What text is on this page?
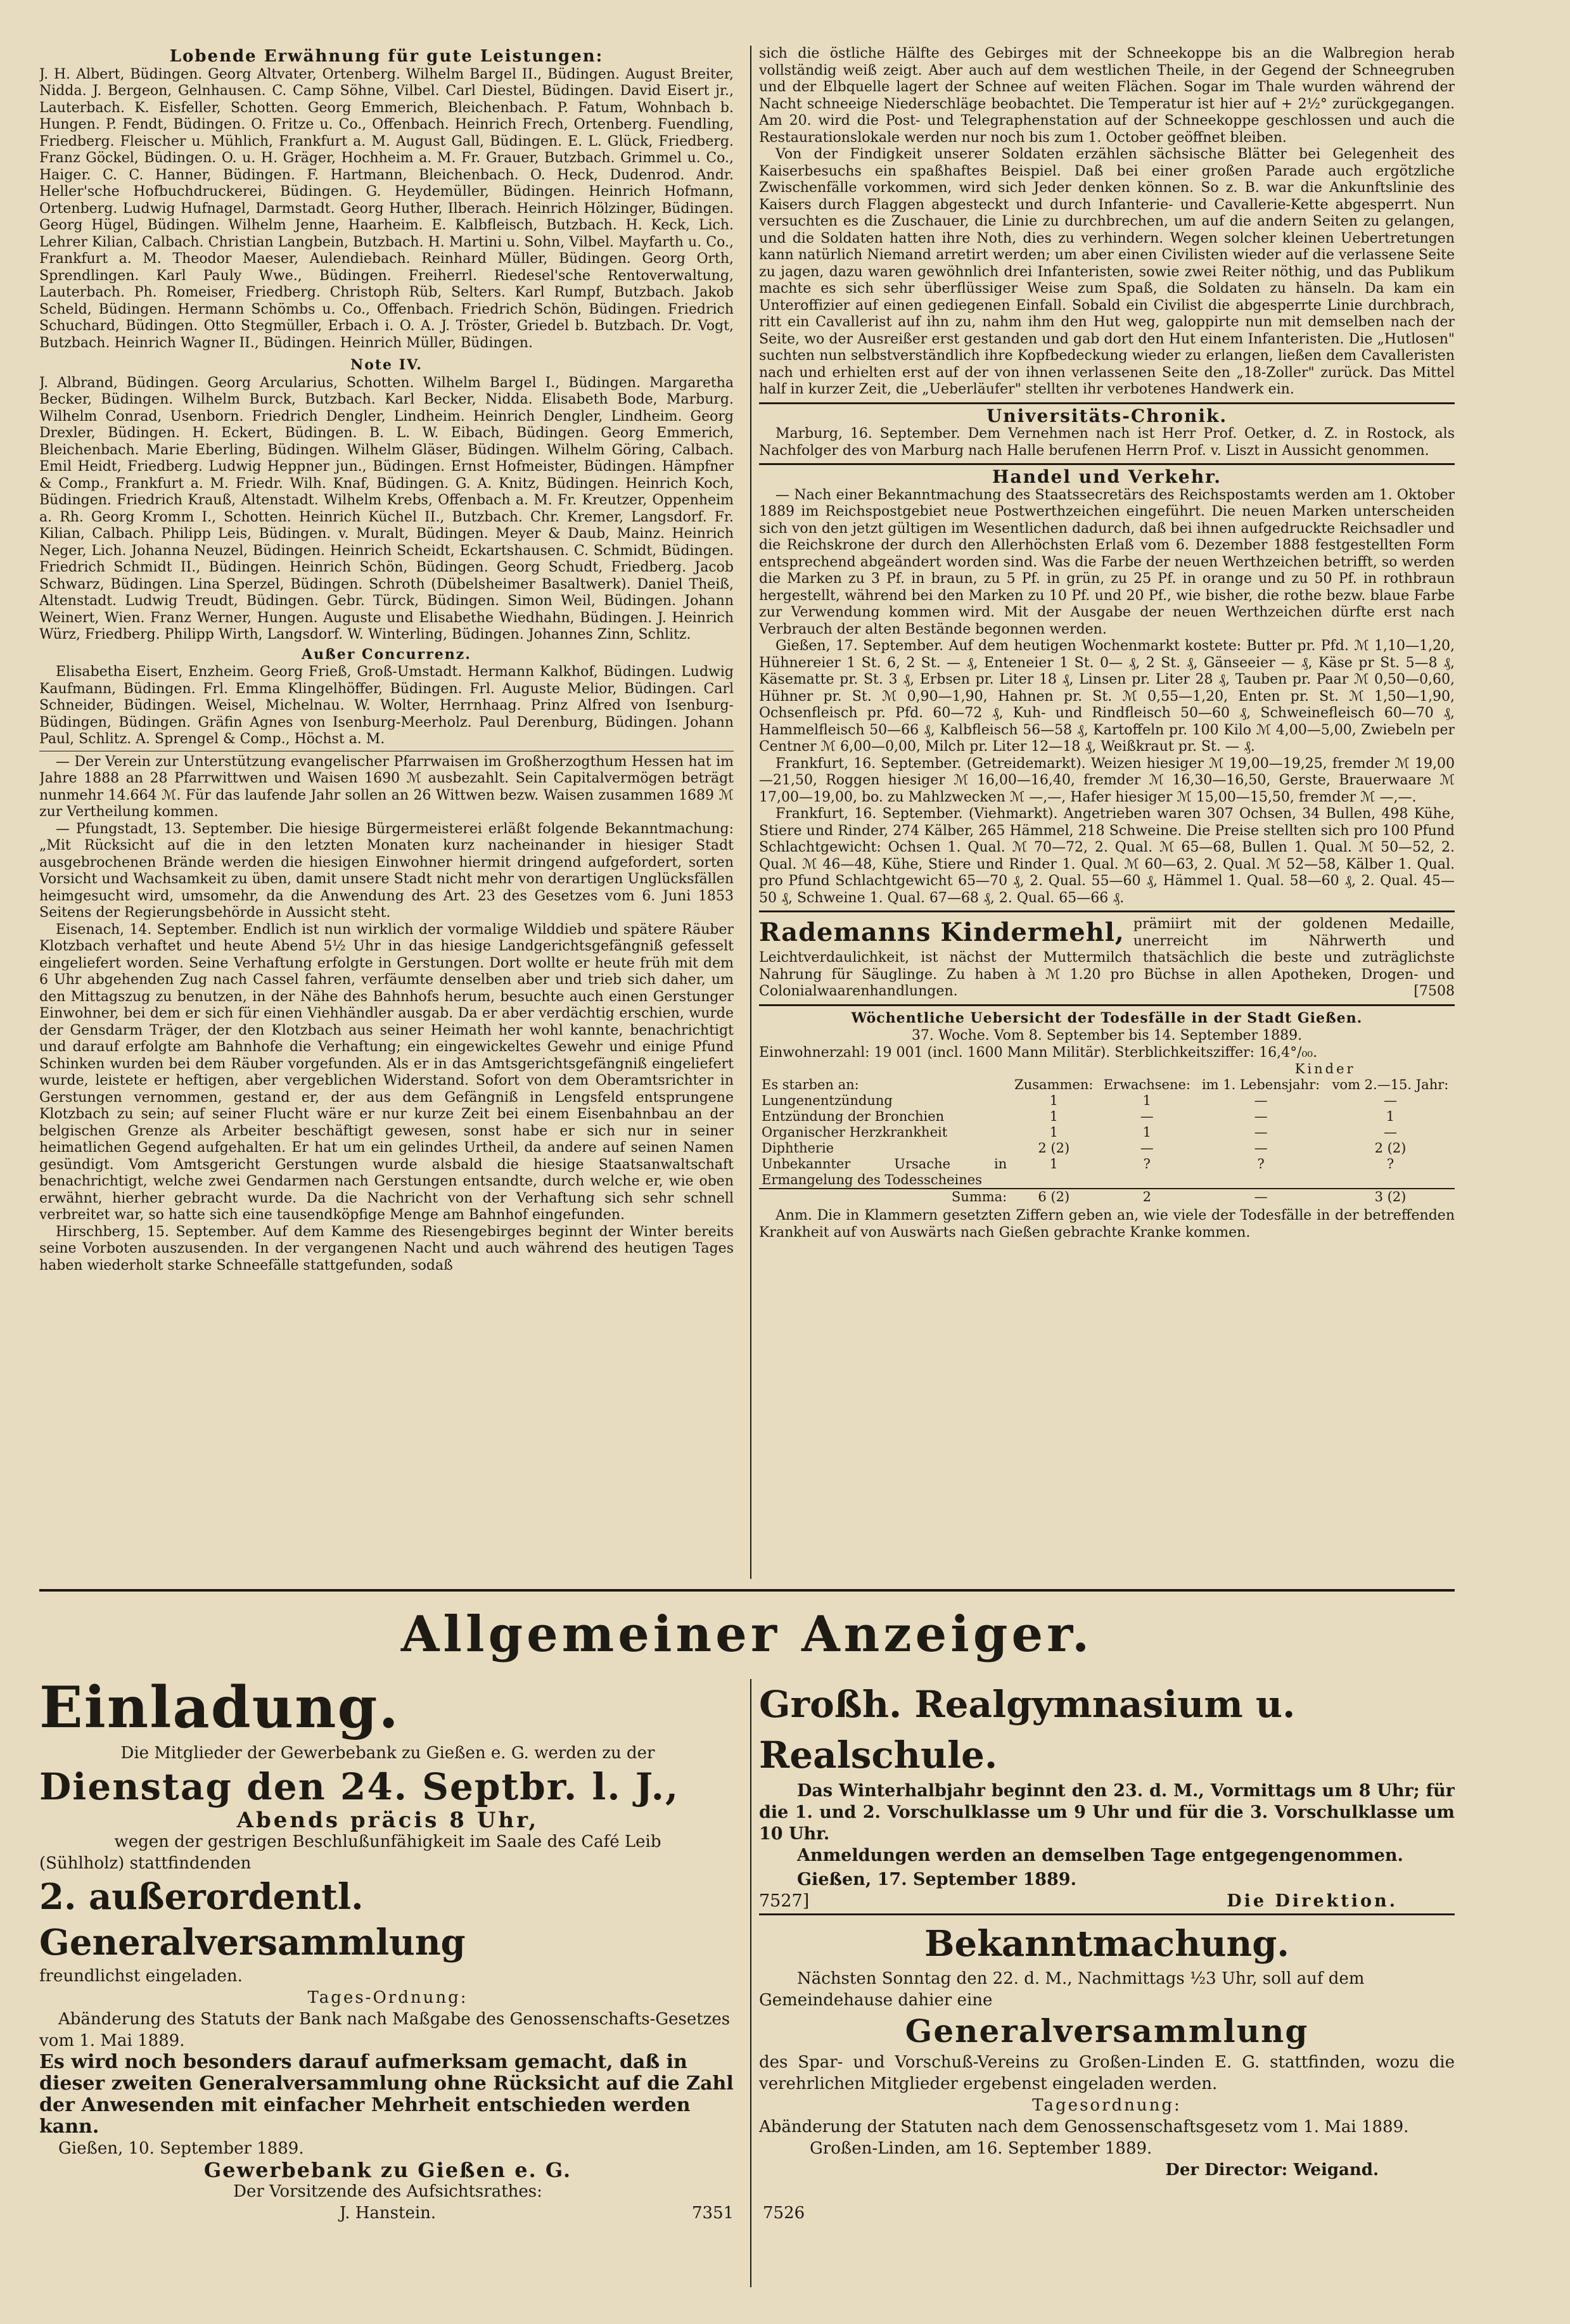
Lobende Erwähnung für gute Leistungen:

J. H. Albert, Büdingen. Georg Altvater, Ortenberg. Wilhelm Bargel II., Büdingen. August Breiter, Nidda. J. Bergeon, Gelnhausen. C. Camp Söhne, Vilbel. Carl Diestel, Büdingen. David Eisert jr., Lauterbach. K. Eisfeller, Schotten. Georg Emmerich, Bleichenbach. P. Fatum, Wohnbach b. Hungen. P. Fendt, Büdingen. O. Fritze u. Co., Offenbach. Heinrich Frech, Ortenberg. Fuendling, Friedberg. Fleischer u. Mühlich, Frankfurt a. M. August Gall, Büdingen. E. L. Glück, Friedberg. Franz Göckel, Büdingen. O. u. H. Gräger, Hochheim a. M. Fr. Grauer, Butzbach. Grimmel u. Co., Haiger. C. C. Hanner, Büdingen. F. Hartmann, Bleichenbach. O. Heck, Dudenrod. Andr. Heller'sche Hofbuchdruckerei, Büdingen. G. Heydemüller, Büdingen. Heinrich Hofmann, Ortenberg. Ludwig Hufnagel, Darmstadt. Georg Huther, Ilberach. Heinrich Hölzinger, Büdingen. Georg Hügel, Büdingen. Wilhelm Jenne, Haarheim. E. Kalbfleisch, Butzbach. H. Keck, Lich. Lehrer Kilian, Calbach. Christian Langbein, Butzbach. H. Martini u. Sohn, Vilbel. Mayfarth u. Co., Frankfurt a. M. Theodor Maeser, Aulendiebach. Reinhard Müller, Büdingen. Georg Orth, Sprendlingen. Karl Pauly Wwe., Büdingen. Freiherrl. Riedesel'sche Rentoverwaltung, Lauterbach. Ph. Romeiser, Friedberg. Christoph Rüb, Selters. Karl Rumpf, Butzbach. Jakob Scheld, Büdingen. Hermann Schömbs u. Co., Offenbach. Friedrich Schön, Büdingen. Friedrich Schuchard, Büdingen. Otto Stegmüller, Erbach i. O. A. J. Tröster, Griedel b. Butzbach. Dr. Vogt, Butzbach. Heinrich Wagner II., Büdingen. Heinrich Müller, Büdingen.

Note IV.

J. Albrand, Büdingen. Georg Arcularius, Schotten. Wilhelm Bargel I., Büdingen. Margaretha Becker, Büdingen. Wilhelm Burck, Butzbach. Karl Becker, Nidda. Elisabeth Bode, Marburg. Wilhelm Conrad, Usenborn. Friedrich Dengler, Lindheim. Heinrich Dengler, Lindheim. Georg Drexler, Büdingen. H. Eckert, Büdingen. B. L. W. Eibach, Büdingen. Georg Emmerich, Bleichenbach. Marie Eberling, Büdingen. Wilhelm Gläser, Büdingen. Wilhelm Göring, Calbach. Emil Heidt, Friedberg. Ludwig Heppner jun., Büdingen. Ernst Hofmeister, Büdingen. Hämpfner & Comp., Frankfurt a. M. Friedr. Wilh. Knaf, Büdingen. G. A. Knitz, Büdingen. Heinrich Koch, Büdingen. Friedrich Krauß, Altenstadt. Wilhelm Krebs, Offenbach a. M. Fr. Kreutzer, Oppenheim a. Rh. Georg Kromm I., Schotten. Heinrich Küchel II., Butzbach. Chr. Kremer, Langsdorf. Fr. Kilian, Calbach. Philipp Leis, Büdingen. v. Muralt, Büdingen. Meyer & Daub, Mainz. Heinrich Neger, Lich. Johanna Neuzel, Büdingen. Heinrich Scheidt, Eckartshausen. C. Schmidt, Büdingen. Friedrich Schmidt II., Büdingen. Heinrich Schön, Büdingen. Georg Schudt, Friedberg. Jacob Schwarz, Büdingen. Lina Sperzel, Büdingen. Schroth (Dübelsheimer Basaltwerk). Daniel Theiß, Altenstadt. Ludwig Treudt, Büdingen. Gebr. Türck, Büdingen. Simon Weil, Büdingen. Johann Weinert, Wien. Franz Werner, Hungen. Auguste und Elisabethe Wiedhahn, Büdingen. J. Heinrich Würz, Friedberg. Philipp Wirth, Langsdorf. W. Winterling, Büdingen. Johannes Zinn, Schlitz.

Außer Concurrenz.

Elisabetha Eisert, Enzheim. Georg Frieß, Groß-Umstadt. Hermann Kalkhof, Büdingen. Ludwig Kaufmann, Büdingen. Frl. Emma Klingelhöffer, Büdingen. Frl. Auguste Melior, Büdingen. Carl Schneider, Büdingen. Weisel, Michelnau. W. Wolter, Herrnhaag. Prinz Alfred von Isenburg-Büdingen, Büdingen. Gräfin Agnes von Isenburg-Meerholz. Paul Derenburg, Büdingen. Johann Paul, Schlitz. A. Sprengel & Comp., Höchst a. M.

— Der Verein zur Unterstützung evangelischer Pfarrwaisen im Großherzogthum Hessen hat im Jahre 1888 an 28 Pfarrwittwen und Waisen 1690 ℳ ausbezahlt. Sein Capitalvermögen beträgt nunmehr 14.664 ℳ. Für das laufende Jahr sollen an 26 Wittwen bezw. Waisen zusammen 1689 ℳ zur Vertheilung kommen.

— Pfungstadt, 13. September. Die hiesige Bürgermeisterei erläßt folgende Bekanntmachung: „Mit Rücksicht auf die in den letzten Monaten kurz nacheinander in hiesiger Stadt ausgebrochenen Brände werden die hiesigen Einwohner hiermit dringend aufgefordert, sorten Vorsicht und Wachsamkeit zu üben, damit unsere Stadt nicht mehr von derartigen Unglücksfällen heimgesucht wird, umsomehr, da die Anwendung des Art. 23 des Gesetzes vom 6. Juni 1853 Seitens der Regierungsbehörde in Aussicht steht.

Eisenach, 14. September. Endlich ist nun wirklich der vormalige Wilddieb und spätere Räuber Klotzbach verhaftet und heute Abend 5½ Uhr in das hiesige Landgerichtsgefängniß gefesselt eingeliefert worden. Seine Verhaftung erfolgte in Gerstungen. Dort wollte er heute früh mit dem 6 Uhr abgehenden Zug nach Cassel fahren, verfäumte denselben aber und trieb sich daher, um den Mittagszug zu benutzen, in der Nähe des Bahnhofs herum, besuchte auch einen Gerstunger Einwohner, bei dem er sich für einen Viehhändler ausgab. Da er aber verdächtig erschien, wurde der Gensdarm Träger, der den Klotzbach aus seiner Heimath her wohl kannte, benachrichtigt und darauf erfolgte am Bahnhofe die Verhaftung; ein eingewickeltes Gewehr und einige Pfund Schinken wurden bei dem Räuber vorgefunden. Als er in das Amtsgerichtsgefängniß eingeliefert wurde, leistete er heftigen, aber vergeblichen Widerstand. Sofort von dem Oberamtsrichter in Gerstungen vernommen, gestand er, der aus dem Gefängniß in Lengsfeld entsprungene Klotzbach zu sein; auf seiner Flucht wäre er nur kurze Zeit bei einem Eisenbahnbau an der belgischen Grenze als Arbeiter beschäftigt gewesen, sonst habe er sich nur in seiner heimatlichen Gegend aufgehalten. Er hat um ein gelindes Urtheil, da andere auf seinen Namen gesündigt. Vom Amtsgericht Gerstungen wurde alsbald die hiesige Staatsanwaltschaft benachrichtigt, welche zwei Gendarmen nach Gerstungen entsandte, durch welche er, wie oben erwähnt, hierher gebracht wurde. Da die Nachricht von der Verhaftung sich sehr schnell verbreitet war, so hatte sich eine tausendköpfige Menge am Bahnhof eingefunden.

Hirschberg, 15. September. Auf dem Kamme des Riesengebirges beginnt der Winter bereits seine Vorboten auszusenden. In der vergangenen Nacht und auch während des heutigen Tages haben wiederholt starke Schneefälle stattgefunden, sodaß

sich die östliche Hälfte des Gebirges mit der Schneekoppe bis an die Walbregion herab vollständig weiß zeigt. Aber auch auf dem westlichen Theile, in der Gegend der Schneegruben und der Elbquelle lagert der Schnee auf weiten Flächen. Sogar im Thale wurden während der Nacht schneeige Niederschläge beobachtet. Die Temperatur ist hier auf + 2½° zurückgegangen. Am 20. wird die Post- und Telegraphenstation auf der Schneekoppe geschlossen und auch die Restaurationslokale werden nur noch bis zum 1. October geöffnet bleiben.

Von der Findigkeit unserer Soldaten erzählen sächsische Blätter bei Gelegenheit des Kaiserbesuchs ein spaßhaftes Beispiel. Daß bei einer großen Parade auch ergötzliche Zwischenfälle vorkommen, wird sich Jeder denken können. So z. B. war die Ankunftslinie des Kaisers durch Flaggen abgesteckt und durch Infanterie- und Cavallerie-Kette abgesperrt. Nun versuchten es die Zuschauer, die Linie zu durchbrechen, um auf die andern Seiten zu gelangen, und die Soldaten hatten ihre Noth, dies zu verhindern. Wegen solcher kleinen Uebertretungen kann natürlich Niemand arretirt werden; um aber einen Civilisten wieder auf die verlassene Seite zu jagen, dazu waren gewöhnlich drei Infanteristen, sowie zwei Reiter nöthig, und das Publikum machte es sich sehr überflüssiger Weise zum Spaß, die Soldaten zu hänseln. Da kam ein Unteroffizier auf einen gediegenen Einfall. Sobald ein Civilist die abgesperrte Linie durchbrach, ritt ein Cavallerist auf ihn zu, nahm ihm den Hut weg, galoppirte nun mit demselben nach der Seite, wo der Ausreißer erst gestanden und gab dort den Hut einem Infanteristen. Die „Hutlosen" suchten nun selbstverständlich ihre Kopfbedeckung wieder zu erlangen, ließen dem Cavalleristen nach und erhielten erst auf der von ihnen verlassenen Seite den „18-Zoller" zurück. Das Mittel half in kurzer Zeit, die „Ueberläufer" stellten ihr verbotenes Handwerk ein.

Universitäts-Chronik.

Marburg, 16. September. Dem Vernehmen nach ist Herr Prof. Oetker, d. Z. in Rostock, als Nachfolger des von Marburg nach Halle berufenen Herrn Prof. v. Liszt in Aussicht genommen.

Handel und Verkehr.

— Nach einer Bekanntmachung des Staatssecretärs des Reichspostamts werden am 1. Oktober 1889 im Reichspostgebiet neue Postwerthzeichen eingeführt. Die neuen Marken unterscheiden sich von den jetzt gültigen im Wesentlichen dadurch, daß bei ihnen aufgedruckte Reichsadler und die Reichskrone der durch den Allerhöchsten Erlaß vom 6. Dezember 1888 festgestellten Form entsprechend abgeändert worden sind. Was die Farbe der neuen Werthzeichen betrifft, so werden die Marken zu 3 Pf. in braun, zu 5 Pf. in grün, zu 25 Pf. in orange und zu 50 Pf. in rothbraun hergestellt, während bei den Marken zu 10 Pf. und 20 Pf., wie bisher, die rothe bezw. blaue Farbe zur Verwendung kommen wird. Mit der Ausgabe der neuen Werthzeichen dürfte erst nach Verbrauch der alten Bestände begonnen werden.

Gießen, 17. September. Auf dem heutigen Wochenmarkt kostete: Butter pr. Pfd. ℳ 1,10—1,20, Hühnereier 1 St. 6, 2 St. — ₰, Enteneier 1 St. 0— ₰, 2 St. ₰, Gänseeier — ₰, Käse pr St. 5—8 ₰, Käsematte pr. St. 3 ₰, Erbsen pr. Liter 18 ₰, Linsen pr. Liter 28 ₰, Tauben pr. Paar ℳ 0,50—0,60, Hühner pr. St. ℳ 0,90—1,90, Hahnen pr. St. ℳ 0,55—1,20, Enten pr. St. ℳ 1,50—1,90, Ochsenfleisch pr. Pfd. 60—72 ₰, Kuh- und Rindfleisch 50—60 ₰, Schweinefleisch 60—70 ₰, Hammelfleisch 50—66 ₰, Kalbfleisch 56—58 ₰, Kartoffeln pr. 100 Kilo ℳ 4,00—5,00, Zwiebeln per Centner ℳ 6,00—0,00, Milch pr. Liter 12—18 ₰, Weißkraut pr. St. — ₰.

Frankfurt, 16. September. (Getreidemarkt). Weizen hiesiger ℳ 19,00—19,25, fremder ℳ 19,00—21,50, Roggen hiesiger ℳ 16,00—16,40, fremder ℳ 16,30—16,50, Gerste, Brauerwaare ℳ 17,00—19,00, bo. zu Mahlzwecken ℳ —,—, Hafer hiesiger ℳ 15,00—15,50, fremder ℳ —,—.

Frankfurt, 16. September. (Viehmarkt). Angetrieben waren 307 Ochsen, 34 Bullen, 498 Kühe, Stiere und Rinder, 274 Kälber, 265 Hämmel, 218 Schweine. Die Preise stellten sich pro 100 Pfund Schlachtgewicht: Ochsen 1. Qual. ℳ 70—72, 2. Qual. ℳ 65—68, Bullen 1. Qual. ℳ 50—52, 2. Qual. ℳ 46—48, Kühe, Stiere und Rinder 1. Qual. ℳ 60—63, 2. Qual. ℳ 52—58, Kälber 1. Qual. pro Pfund Schlachtgewicht 65—70 ₰, 2. Qual. 55—60 ₰, Hämmel 1. Qual. 58—60 ₰, 2. Qual. 45—50 ₰, Schweine 1. Qual. 67—68 ₰, 2. Qual. 65—66 ₰.

Rademanns Kindermehl, prämiirt mit der goldenen Medaille, unerreicht im Nährwerth und Leichtverdaulichkeit, ist nächst der Muttermilch thatsächlich die beste und zuträglichste Nahrung für Säuglinge. Zu haben à ℳ 1.20 pro Büchse in allen Apotheken, Drogen- und Colonialwaarenhandlungen.	[7508
Wöchentliche Uebersicht der Todesfälle in der Stadt Gießen.
37. Woche. Vom 8. September bis 14. September 1889.
Einwohnerzahl: 19 001 (incl. 1600 Mann Militär). Sterblichkeitsziffer: 16,4°/₀₀.
			Kinder	
Es starben an:	Zusammen:	Erwachsene:	im 1. Lebensjahr:	vom 2.—15. Jahr:
Lungenentzündung	1	1	—	—
Entzündung der Bronchien	1	—	—	1
Organischer Herzkrankheit	1	1	—	—
Diphtherie	2 (2)	—	—	2 (2)
Unbekannter Ursache in Ermangelung des Todesscheines	1	?	?	?
Summa:	6 (2)	2	—	3 (2)

Anm. Die in Klammern gesetzten Ziffern geben an, wie viele der Todesfälle in der betreffenden Krankheit auf von Auswärts nach Gießen gebrachte Kranke kommen.

Allgemeiner Anzeiger.
Einladung.
Die Mitglieder der Gewerbebank zu Gießen e. G. werden zu der
Dienstag den 24. Septbr. l. J.,
Abends präcis 8 Uhr,
wegen der gestrigen Beschlußunfähigkeit im Saale des Café Leib
(Sühlholz) stattfindenden
2. außerordentl. Generalversammlung
freundlichst eingeladen.
Tages-Ordnung:
Abänderung des Statuts der Bank nach Maßgabe des Genossenschafts-Gesetzes vom 1. Mai 1889.
Es wird noch besonders darauf aufmerksam gemacht, daß in dieser zweiten Generalversammlung ohne Rücksicht auf die Zahl der Anwesenden mit einfacher Mehrheit entschieden werden kann.
Gießen, 10. September 1889.
Gewerbebank zu Gießen e. G.
Der Vorsitzende des Aufsichtsrathes:
J. Hanstein.
Großh. Realgymnasium u. Realschule.
Das Winterhalbjahr beginnt den 23. d. M., Vormittags um 8 Uhr; für die 1. und 2. Vorschulklasse um 9 Uhr und für die 3. Vorschulklasse um 10 Uhr.
Anmeldungen werden an demselben Tage entgegengenommen.
Gießen, 17. September 1889.
7527]	Die Direktion.
Bekanntmachung.
Nächsten Sonntag den 22. d. M., Nachmittags ½3 Uhr, soll auf dem Gemeindehause dahier eine
Generalversammlung
des Spar- und Vorschuß-Vereins zu Großen-Linden E. G. stattfinden, wozu die verehrlichen Mitglieder ergebenst eingeladen werden.
Tagesordnung:
Abänderung der Statuten nach dem Genossenschaftsgesetz vom 1. Mai 1889.
Großen-Linden, am 16. September 1889.
Der Director: Weigand.
7351 7526
